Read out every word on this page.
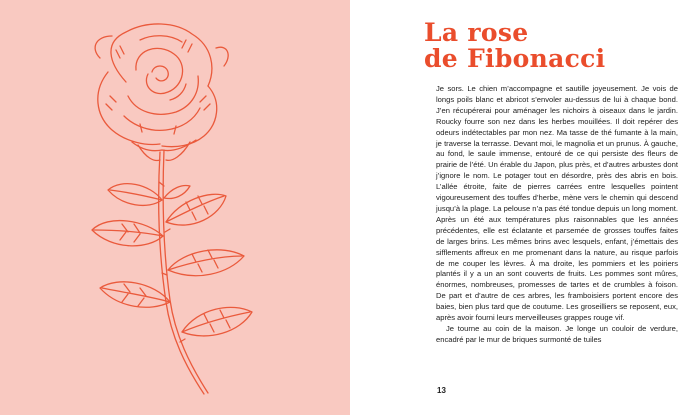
La rose
de Fibonacci

Je sors. Le chien m’accompagne et sautille joyeusement. Je vois de longs poils blanc et abricot s’envoler au-dessus de lui à chaque bond. J’en récupérerai pour aménager les nichoirs à oiseaux dans le jardin. Roucky fourre son nez dans les herbes mouillées. Il doit repérer des odeurs indétectables par mon nez. Ma tasse de thé fumante à la main, je traverse la terrasse. Devant moi, le magnolia et un prunus. À gauche, au fond, le saule immense, entouré de ce qui persiste des fleurs de prairie de l’été. Un érable du Japon, plus près, et d’autres arbustes dont j’ignore le nom. Le potager tout en désordre, près des abris en bois. L’allée étroite, faite de pierres carrées entre lesquelles pointent vigoureusement des touffes d’herbe, mène vers le chemin qui descend jusqu’à la plage. La pelouse n’a pas été tondue depuis un long moment. Après un été aux températures plus raisonnables que les années précédentes, elle est éclatante et parsemée de grosses touffes faites de larges brins. Les mêmes brins avec lesquels, enfant, j’émettais des sifflements affreux en me promenant dans la nature, au risque parfois de me couper les lèvres. À ma droite, les pommiers et les poiriers plantés il y a un an sont couverts de fruits. Les pommes sont mûres, énormes, nombreuses, promesses de tartes et de crumbles à foison. De part et d’autre de ces arbres, les framboisiers portent encore des baies, bien plus tard que de coutume. Les groseilliers se reposent, eux, après avoir fourni leurs merveilleuses grappes rouge vif.

Je tourne au coin de la maison. Je longe un couloir de verdure, encadré par le mur de briques surmonté de tuiles

13
